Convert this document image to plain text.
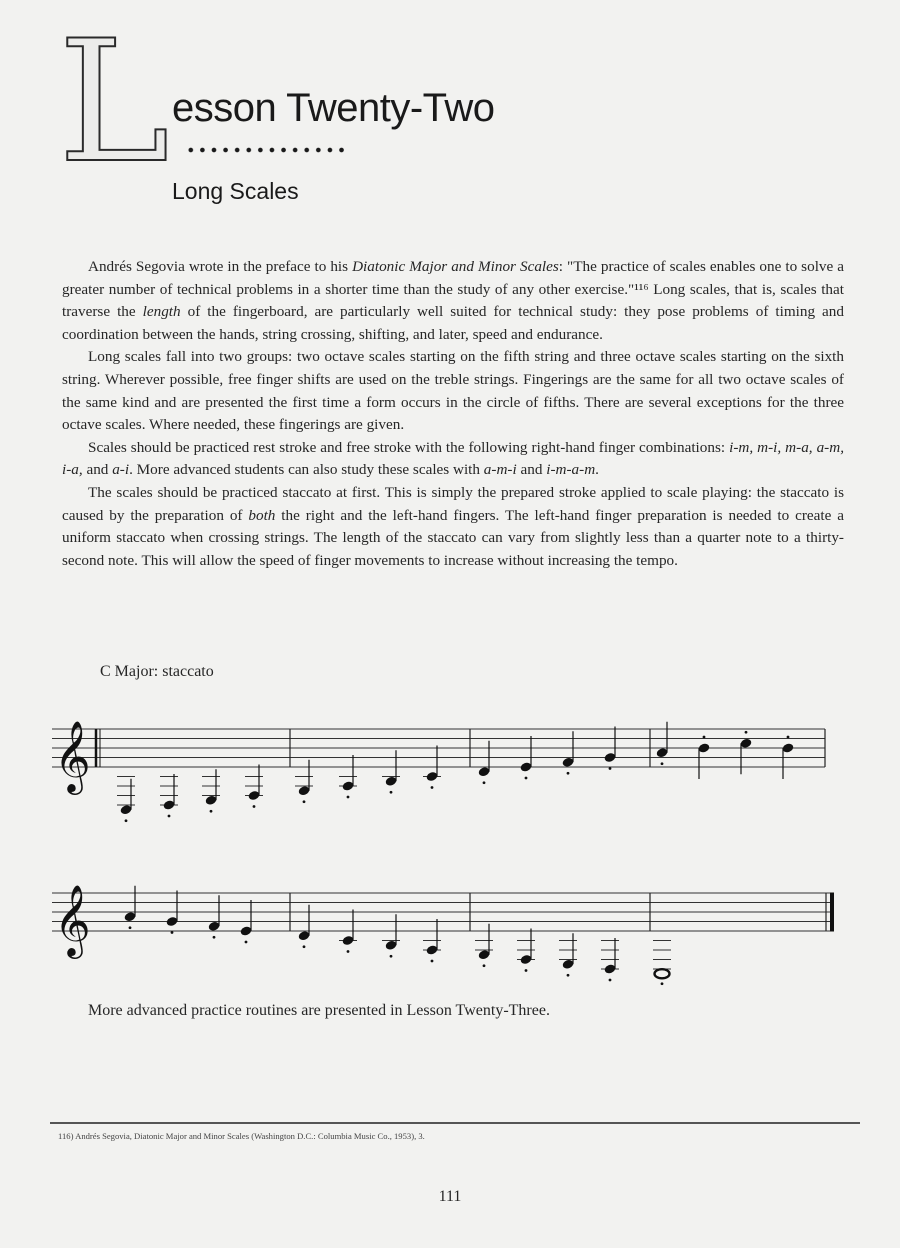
L esson Twenty-Two
Long Scales

Andrés Segovia wrote in the preface to his Diatonic Major and Minor Scales: "The practice of scales enables one to solve a greater number of technical problems in a shorter time than the study of any other exercise."¹¹⁶ Long scales, that is, scales that traverse the length of the fingerboard, are particularly well suited for technical study: they pose problems of timing and coordination between the hands, string crossing, shifting, and later, speed and endurance.

Long scales fall into two groups: two octave scales starting on the fifth string and three octave scales starting on the sixth string. Wherever possible, free finger shifts are used on the treble strings. Fingerings are the same for all two octave scales of the same kind and are presented the first time a form occurs in the circle of fifths. There are several exceptions for the three octave scales. Where needed, these fingerings are given.

Scales should be practiced rest stroke and free stroke with the following right-hand finger combinations: i-m, m-i, m-a, a-m, i-a, and a-i. More advanced students can also study these scales with a-m-i and i-m-a-m.

The scales should be practiced staccato at first. This is simply the prepared stroke applied to scale playing: the staccato is caused by the preparation of both the right and the left-hand fingers. The left-hand finger preparation is needed to create a uniform staccato when crossing strings. The length of the staccato can vary from slightly less than a quarter note to a thirty-second note. This will allow the speed of finger movements to increase without increasing the tempo.

C Major: staccato
𝄞
𝄞
More advanced practice routines are presented in Lesson Twenty-Three.
116) Andrés Segovia, Diatonic Major and Minor Scales (Washington D.C.: Columbia Music Co., 1953), 3.
111
